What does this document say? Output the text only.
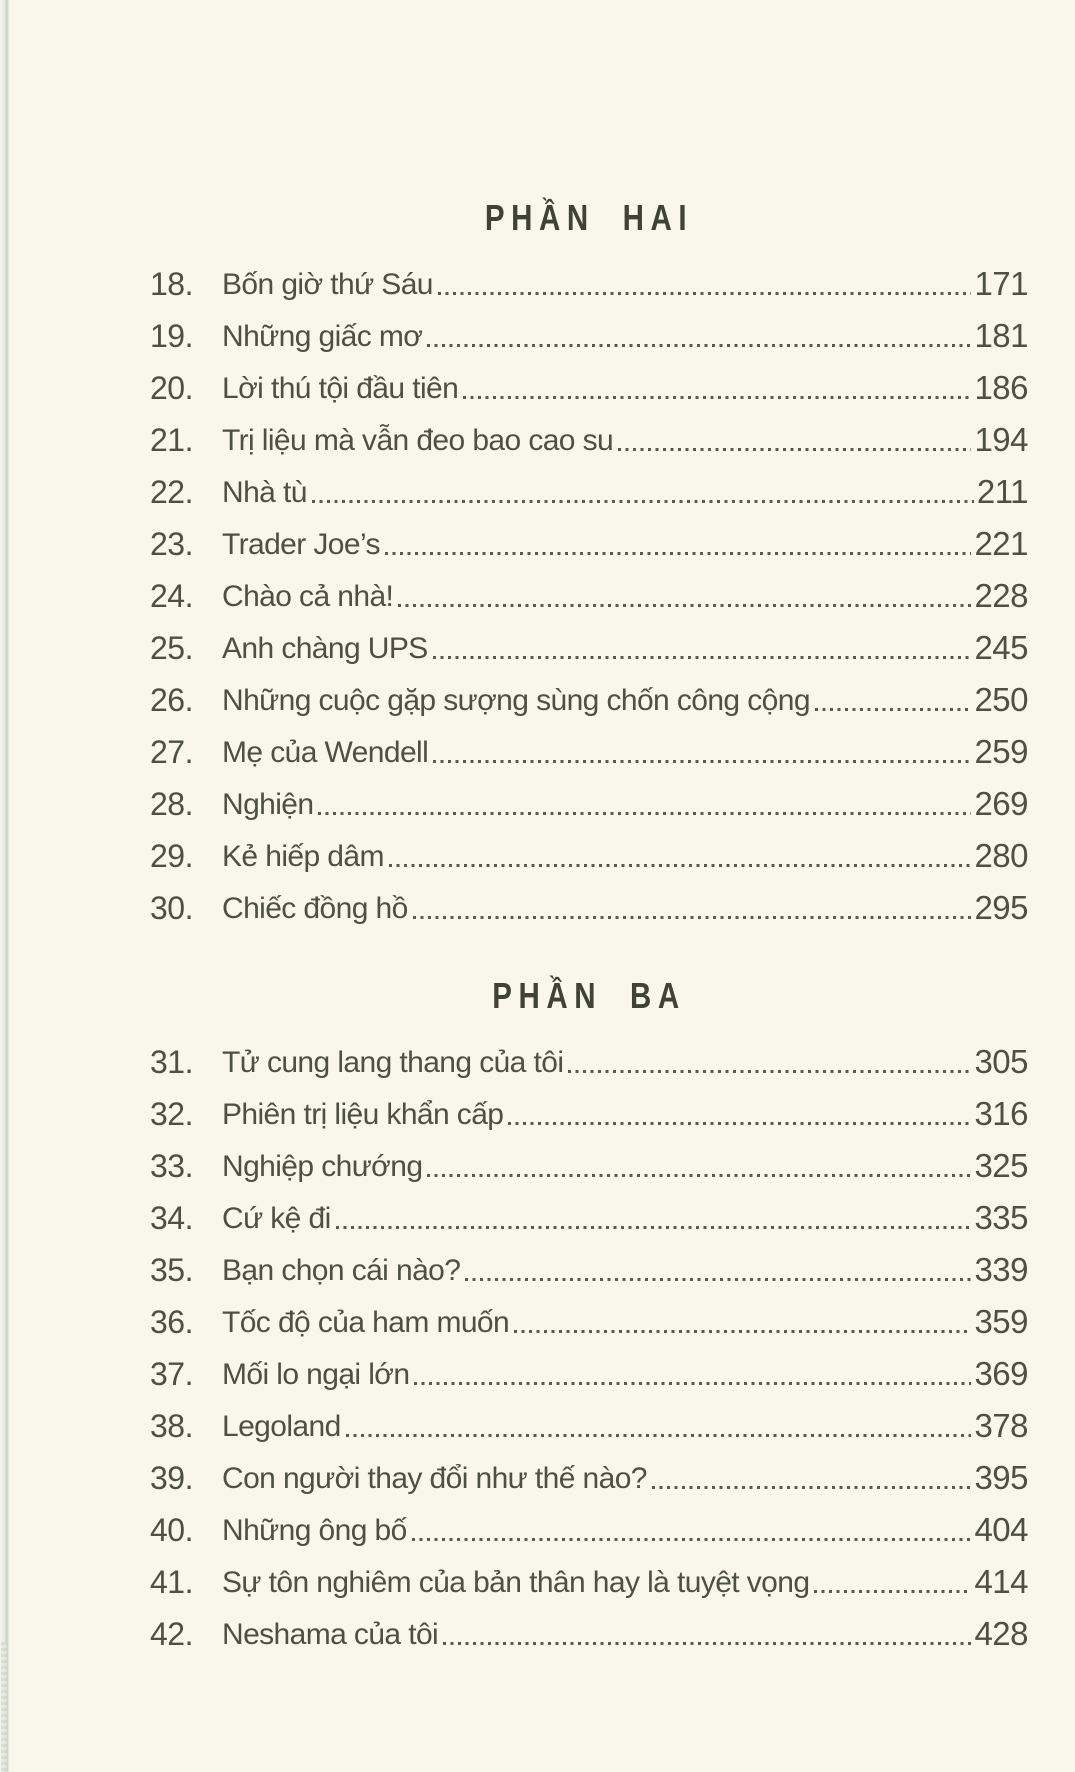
PHẦN HAI
18. Bốn giờ thứ Sáu	171
19. Những giấc mơ	181
20. Lời thú tội đầu tiên	186
21. Trị liệu mà vẫn đeo bao cao su	194
22. Nhà tù	211
23. Trader Joe’s	221
24. Chào cả nhà!	228
25. Anh chàng UPS	245
26. Những cuộc gặp sượng sùng chốn công cộng	250
27. Mẹ của Wendell	259
28. Nghiện	269
29. Kẻ hiếp dâm	280
30. Chiếc đồng hồ	295
PHẦN BA
31. Tử cung lang thang của tôi	305
32. Phiên trị liệu khẩn cấp	316
33. Nghiệp chướng	325
34. Cứ kệ đi	335
35. Bạn chọn cái nào?	339
36. Tốc độ của ham muốn	359
37. Mối lo ngại lớn	369
38. Legoland	378
39. Con người thay đổi như thế nào?	395
40. Những ông bố	404
41. Sự tôn nghiêm của bản thân hay là tuyệt vọng	414
42. Neshama của tôi	428
